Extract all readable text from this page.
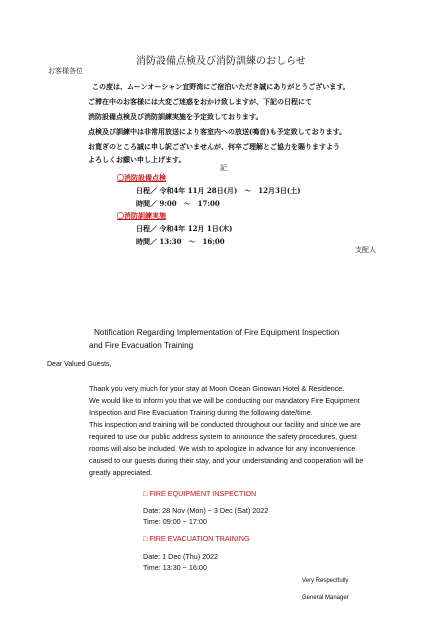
消防設備点検及び消防訓練のおしらせ
お客様各位
この度は、ムーンオーシャン宜野湾にご宿泊いただき誠にありがとうございます。
ご滞在中のお客様には大変ご迷惑をおかけ致しますが、下記の日程にて
消防設備点検及び消防訓練実施を予定致しております。
点検及び訓練中は非常用放送により客室内への放送(鳴音)も予定致しております。
お寛ぎのところ誠に申し訳ございませんが、何卒ご理解とご協力を賜りますよう
よろしくお願い申し上げます。
記
〇消防設備点検
日程／ 令和4年 11月 28日(月)　～　12月3日(土)
時間／ 9:00　～　17:00
〇消防訓練実施
日程／ 令和4年 12月 1日(木)
時間／ 13:30　～　16:00
支配人
Notification Regarding Implementation of Fire Equipment Inspection
and Fire Evacuation Training
Dear Valued Guests,
Thank you very much for your stay at Moon Ocean Ginowan Hotel & Residence.
We would like to inform you that we will be conducting our mandatory Fire Equipment
Inspection and Fire Evacuation Training during the following date/time.
This inspection and training will be conducted throughout our facility and since we are
required to use our public address system to announce the safety procedures, guest
rooms will also be included. We wish to apologize in advance for any inconvenience
caused to our guests during their stay, and your understanding and cooperation will be
greatly appreciated.
□ FIRE EQUIPMENT INSPECTION
Date: 28 Nov (Mon) ~ 3 Dec (Sat) 2022
Time: 09:00 ~ 17:00
□ FIRE EVACUATION TRAINING
Date: 1 Dec (Thu) 2022
Time: 13:30 ~ 16:00
Very Respectfully
General Manager
